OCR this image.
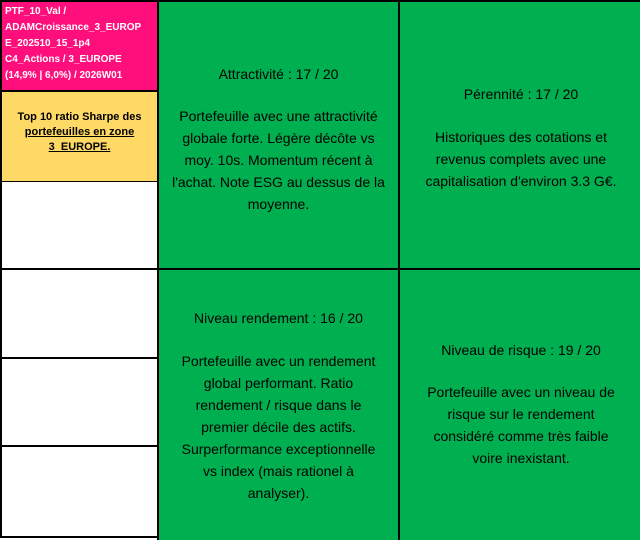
PTF_10_Val /
ADAMCroissance_3_EUROP
E_202510_15_1p4
C4_Actions / 3_EUROPE
(14,9% | 6,0%) / 2026W01
Top 10 ratio Sharpe des
portefeuilles en zone
3_EUROPE.
Attractivité : 17 / 20
Portefeuille avec une attractivité
globale forte. Légère décôte vs
moy. 10s. Momentum récent à
l'achat. Note ESG au dessus de la
moyenne.
Pérennité : 17 / 20
Historiques des cotations et
revenus complets avec une
capitalisation d'environ 3.3 G€.
Niveau rendement : 16 / 20
Portefeuille avec un rendement
global performant. Ratio
rendement / risque dans le
premier décile des actifs.
Surperformance exceptionnelle
vs index (mais rationel à
analyser).
Niveau de risque : 19 / 20
Portefeuille avec un niveau de
risque sur le rendement
considéré comme très faible
voire inexistant.
